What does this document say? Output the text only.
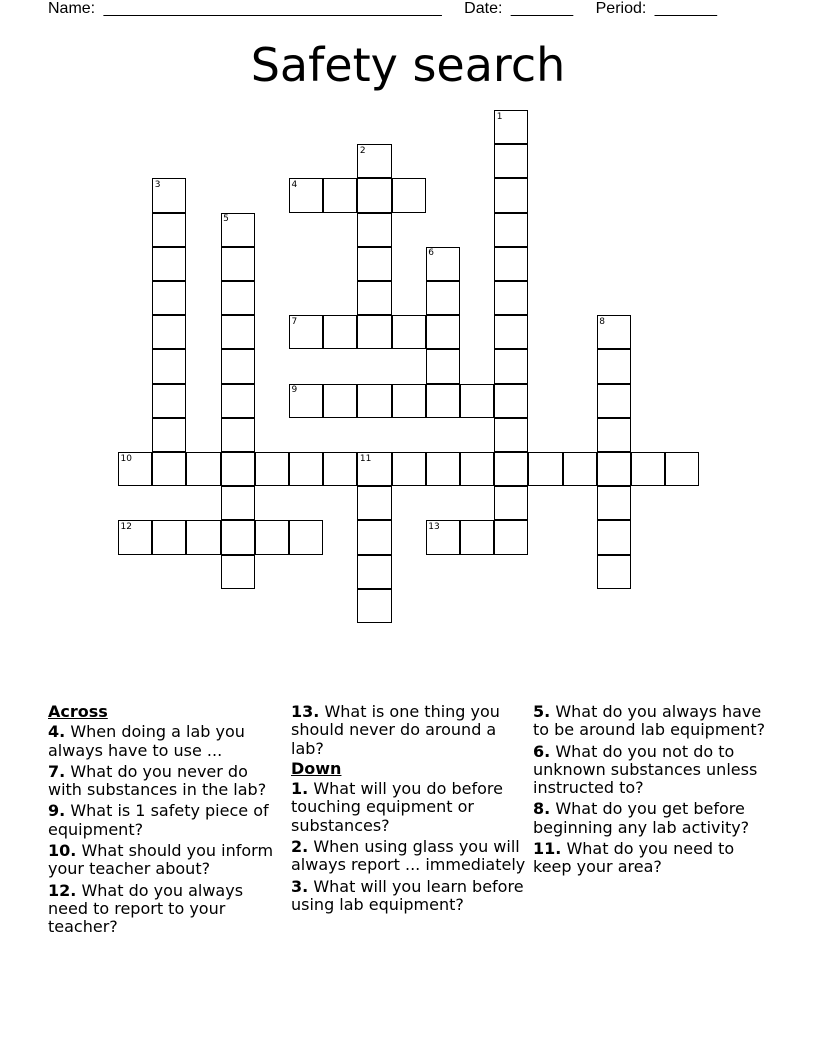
Name: ______________________________________ Date: _______ Period: _______
Safety search
1
2
3	4
5
6
7	8
9
10	11
12	13
Across
4. When doing a lab you always have to use ...
7. What do you never do with substances in the lab?
9. What is 1 safety piece of equipment?
10. What should you inform your teacher about?
12. What do you always need to report to your teacher?
13. What is one thing you should never do around a lab?
Down
1. What will you do before touching equipment or substances?
2. When using glass you will always report ... immediately
3. What will you learn before using lab equipment?
5. What do you always have to be around lab equipment?
6. What do you not do to unknown substances unless instructed to?
8. What do you get before beginning any lab activity?
11. What do you need to keep your area?
